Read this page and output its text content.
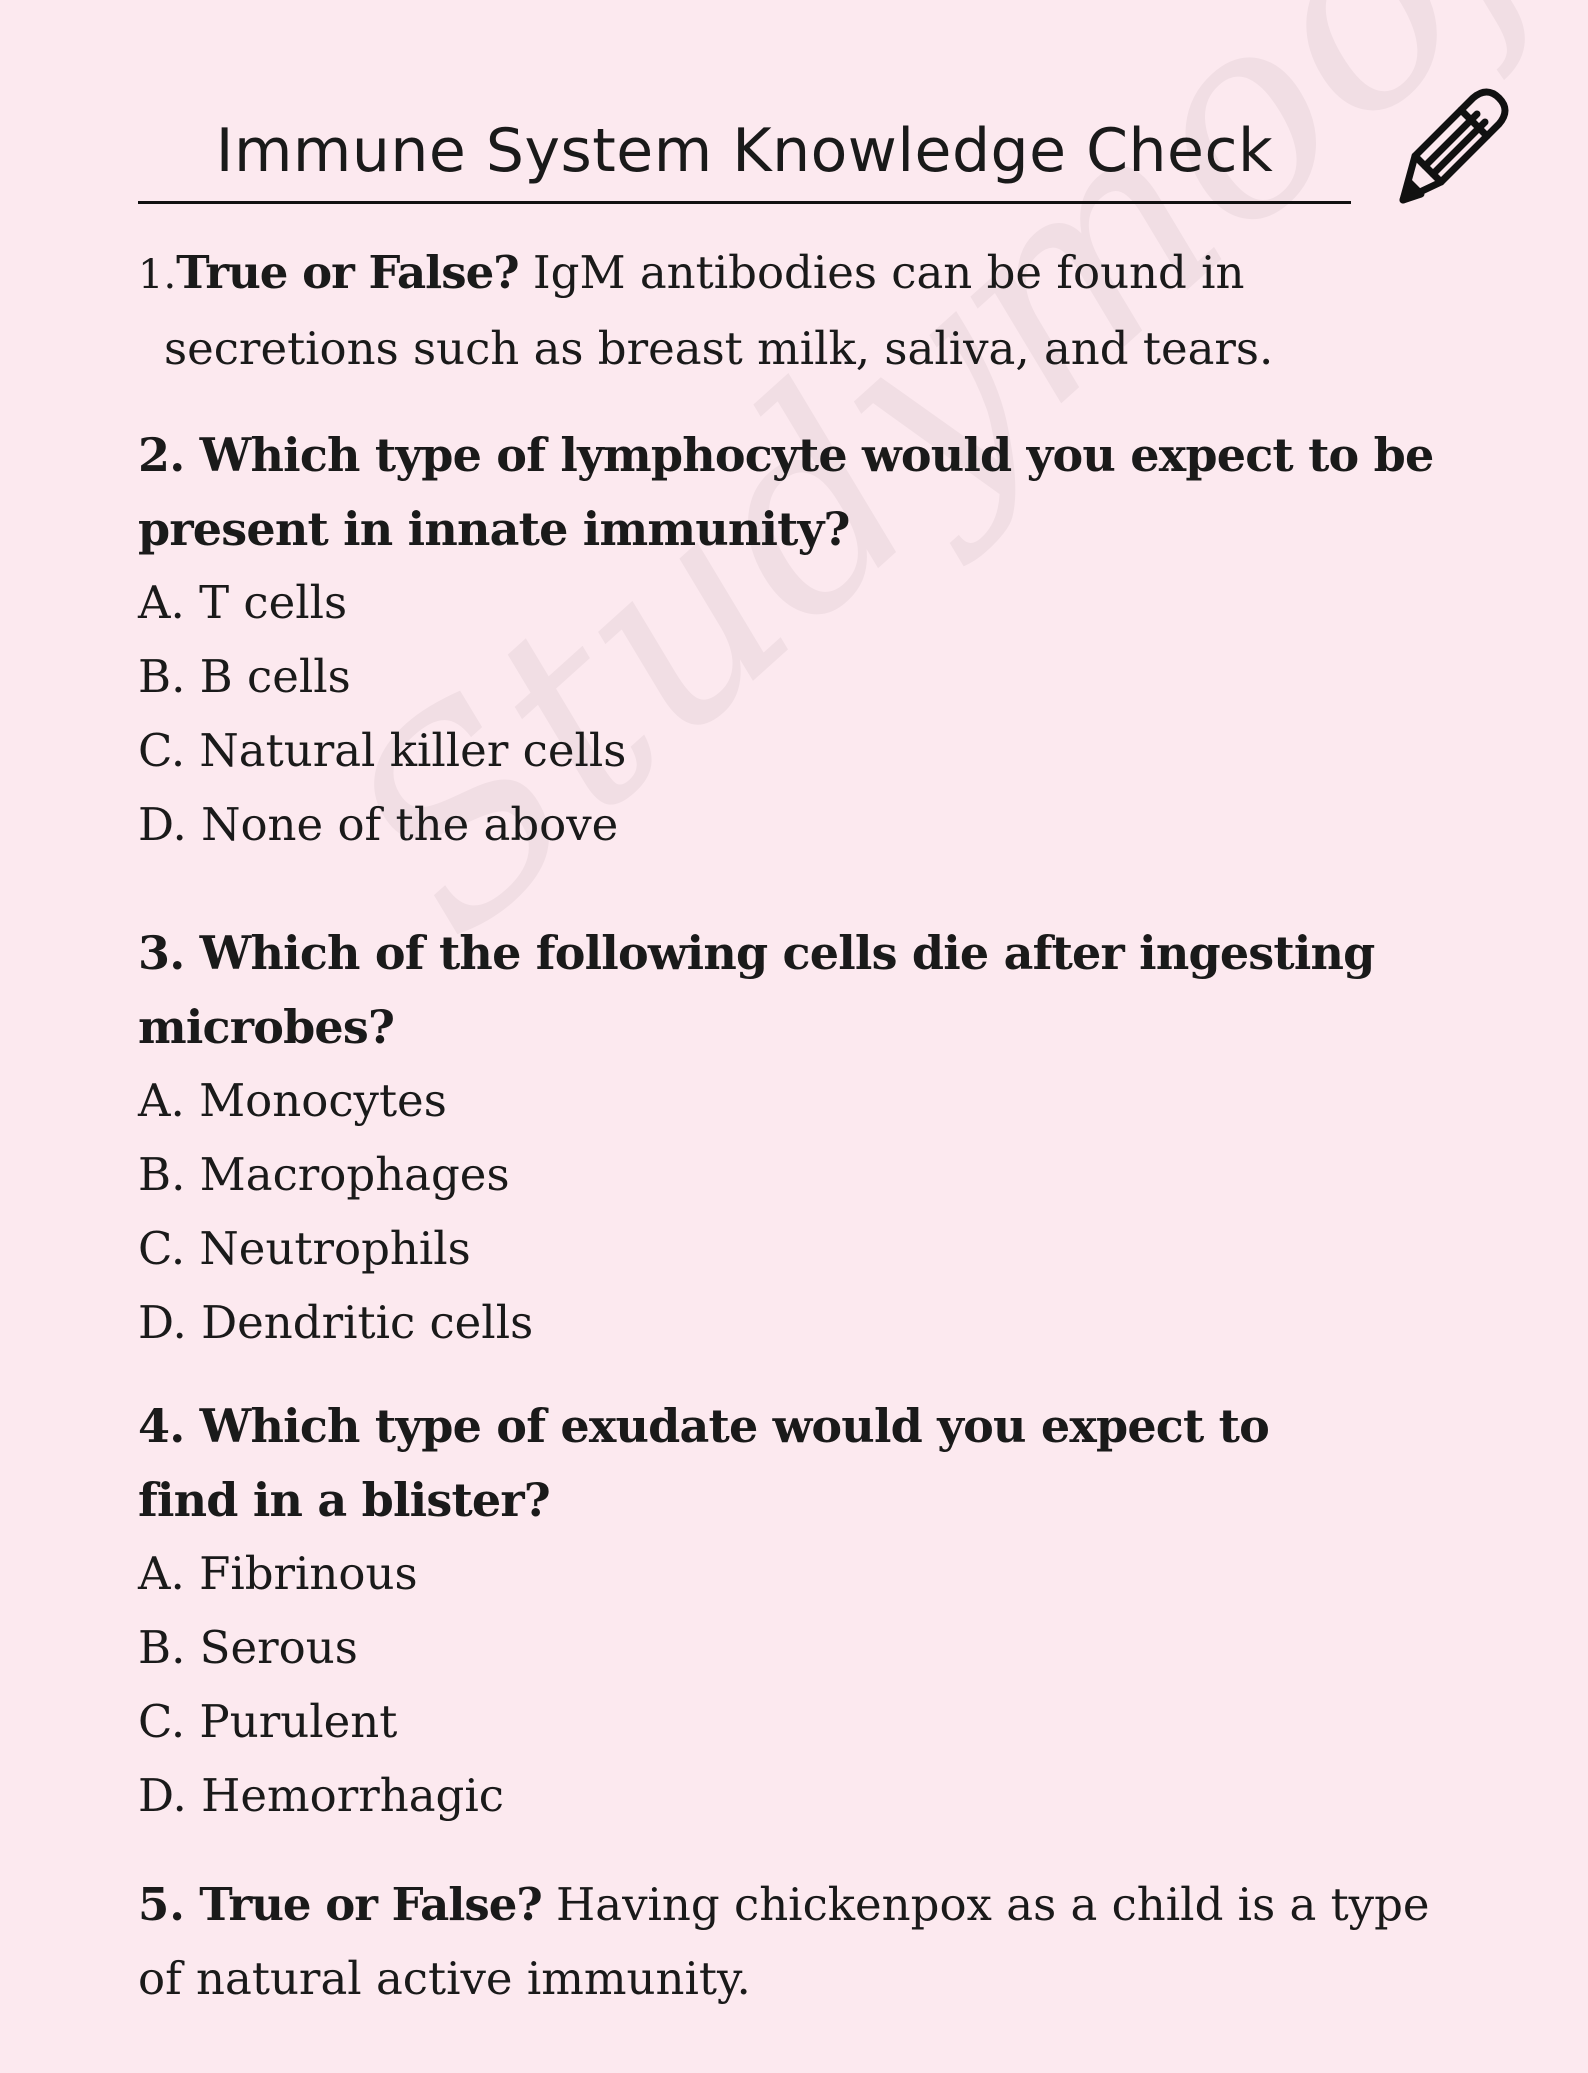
Immune System Knowledge Check
1.True or False? IgM antibodies can be found in
secretions such as breast milk, saliva, and tears.
2. Which type of lymphocyte would you expect to be
present in innate immunity?
A. T cells
B. B cells
C. Natural killer cells
D. None of the above
3. Which of the following cells die after ingesting
microbes?
A. Monocytes
B. Macrophages
C. Neutrophils
D. Dendritic cells
4. Which type of exudate would you expect to
find in a blister?
A. Fibrinous
B. Serous
C. Purulent
D. Hemorrhagic
5. True or False? Having chickenpox as a child is a type
of natural active immunity.
